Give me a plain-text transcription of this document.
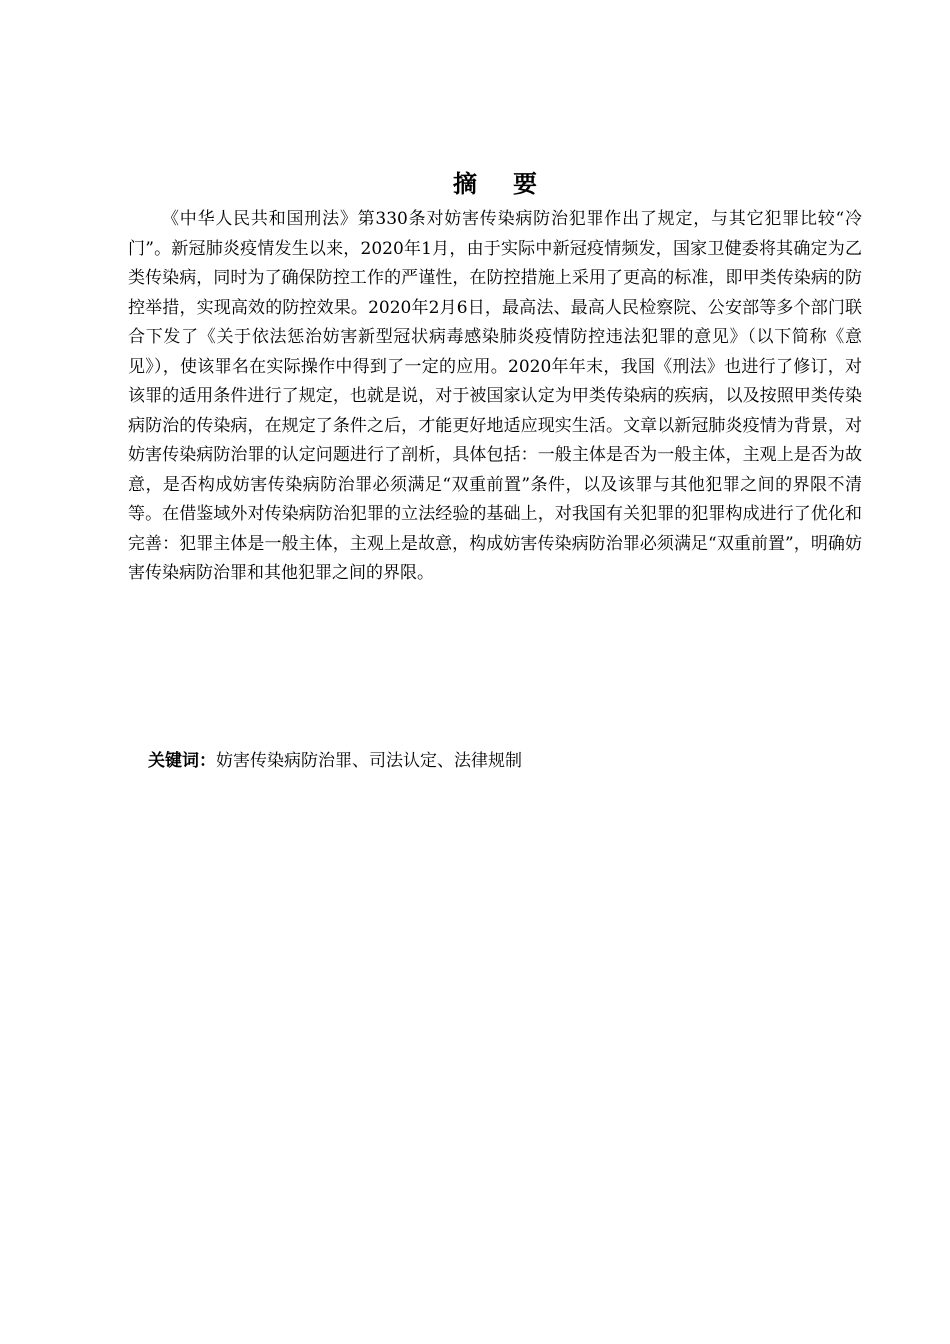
摘 要

《中华人民共和国刑法》第330条对妨害传染病防治犯罪作出了规定，与其它犯罪比较“冷门”。新冠肺炎疫情发生以来，2020年1月，由于实际中新冠疫情频发，国家卫健委将其确定为乙类传染病，同时为了确保防控工作的严谨性，在防控措施上采用了更高的标准，即甲类传染病的防控举措，实现高效的防控效果。2020年2月6日，最高法、最高人民检察院、公安部等多个部门联合下发了《关于依法惩治妨害新型冠状病毒感染肺炎疫情防控违法犯罪的意见》（以下简称《意见》），使该罪名在实际操作中得到了一定的应用。2020年年末，我国《刑法》也进行了修订，对该罪的适用条件进行了规定，也就是说，对于被国家认定为甲类传染病的疾病，以及按照甲类传染病防治的传染病，在规定了条件之后，才能更好地适应现实生活。文章以新冠肺炎疫情为背景，对妨害传染病防治罪的认定问题进行了剖析，具体包括：一般主体是否为一般主体，主观上是否为故意，是否构成妨害传染病防治罪必须满足“双重前置”条件，以及该罪与其他犯罪之间的界限不清等。在借鉴域外对传染病防治犯罪的立法经验的基础上，对我国有关犯罪的犯罪构成进行了优化和完善：犯罪主体是一般主体，主观上是故意，构成妨害传染病防治罪必须满足“双重前置”，明确妨害传染病防治罪和其他犯罪之间的界限。

关键词：妨害传染病防治罪、司法认定、法律规制
